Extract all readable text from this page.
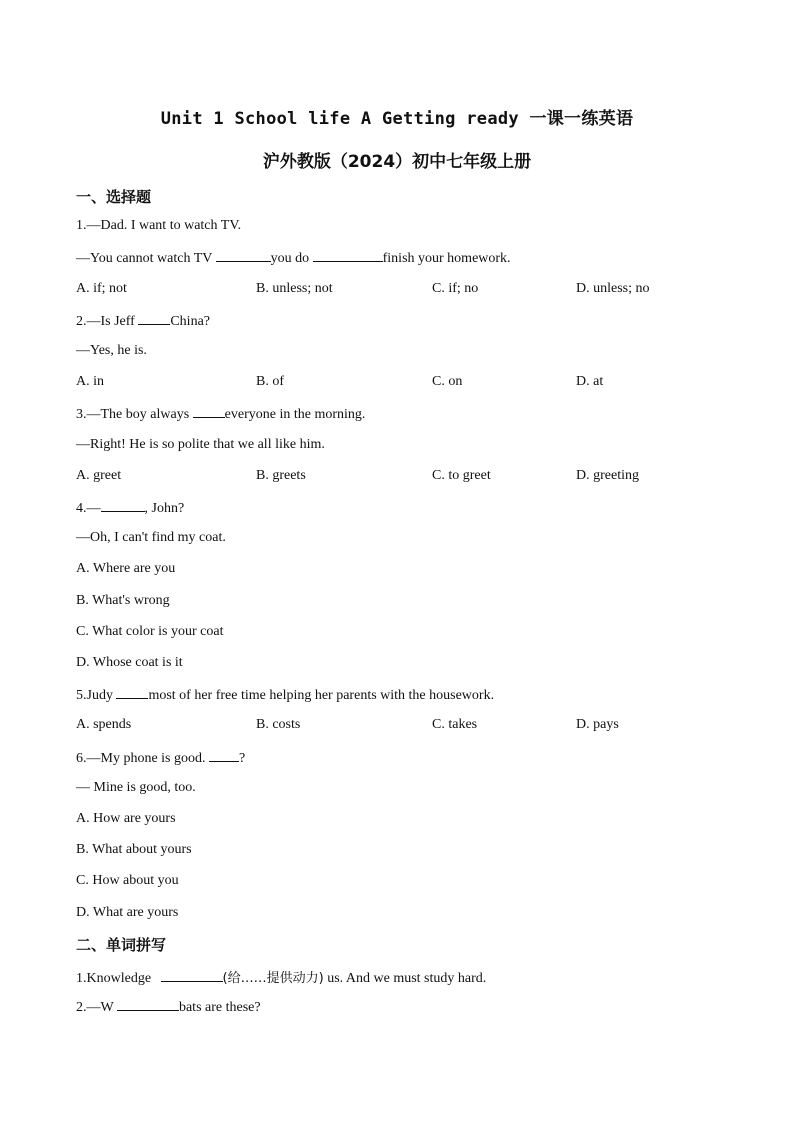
Unit 1 School life A Getting ready 一课一练英语
沪外教版（2024）初中七年级上册
一、选择题
1.—Dad. I want to watch TV.
—You cannot watch TV	you do	finish your homework.
A. if; not	B. unless; not	C. if; no	D. unless; no
2.—Is Jeff China?
—Yes, he is.
A. in	B. of	C. on	D. at
3.—The boy always everyone in the morning.
—Right! He is so polite that we all like him.
A. greet	B. greets	C. to greet	D. greeting
4.—	, John?
—Oh, I can't find my coat.
A. Where are you
B. What's wrong
C. What color is your coat
D. Whose coat is it
5.Judy most of her free time helping her parents with the housework.
A. spends	B. costs	C. takes	D. pays
6.—My phone is good. ?
— Mine is good, too.
A. How are yours
B. What about yours
C. How about you
D. What are yours
二、单词拼写
1.Knowledge	(给……提供动力) us. And we must study hard.
2.—W	bats are these?
